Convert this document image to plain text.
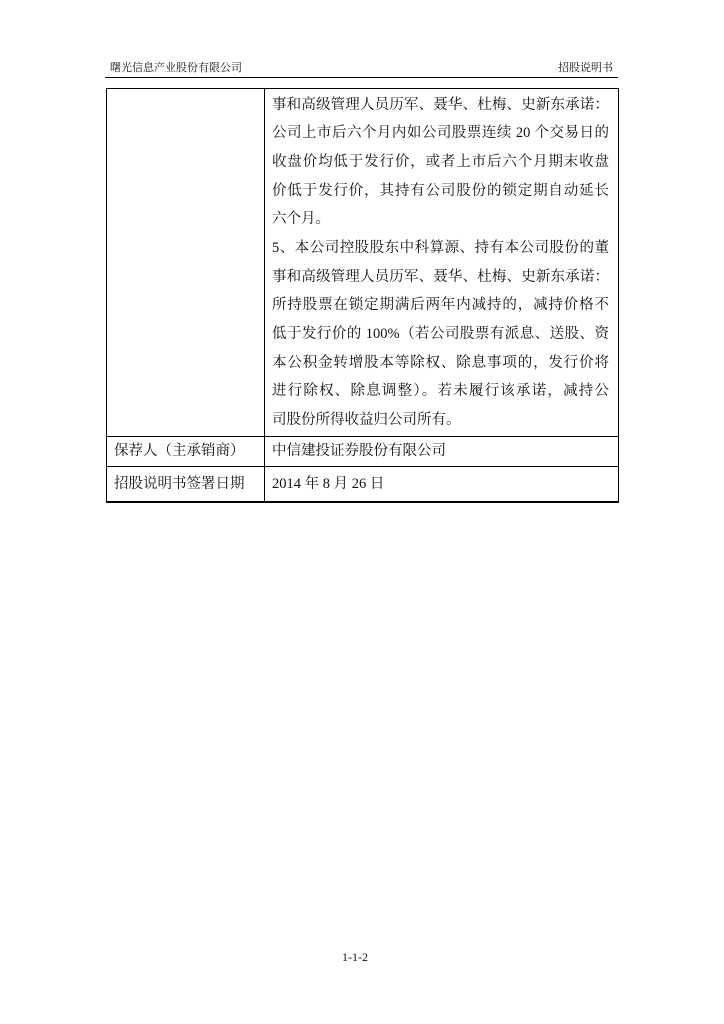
曙光信息产业股份有限公司	招股说明书
事和高级管理人员历军、聂华、杜梅、史新东承诺：
公司上市后六个月内如公司股票连续 20 个交易日的
收盘价均低于发行价，或者上市后六个月期末收盘
价低于发行价，其持有公司股份的锁定期自动延长
六个月。
5、本公司控股股东中科算源、持有本公司股份的董
事和高级管理人员历军、聂华、杜梅、史新东承诺：
所持股票在锁定期满后两年内减持的，减持价格不
低于发行价的 100%（若公司股票有派息、送股、资
本公积金转增股本等除权、除息事项的，发行价将
进行除权、除息调整）。若未履行该承诺，减持公
司股份所得收益归公司所有。
保荐人（主承销商）	中信建投证券股份有限公司
招股说明书签署日期	2014 年 8 月 26 日
1-1-2
